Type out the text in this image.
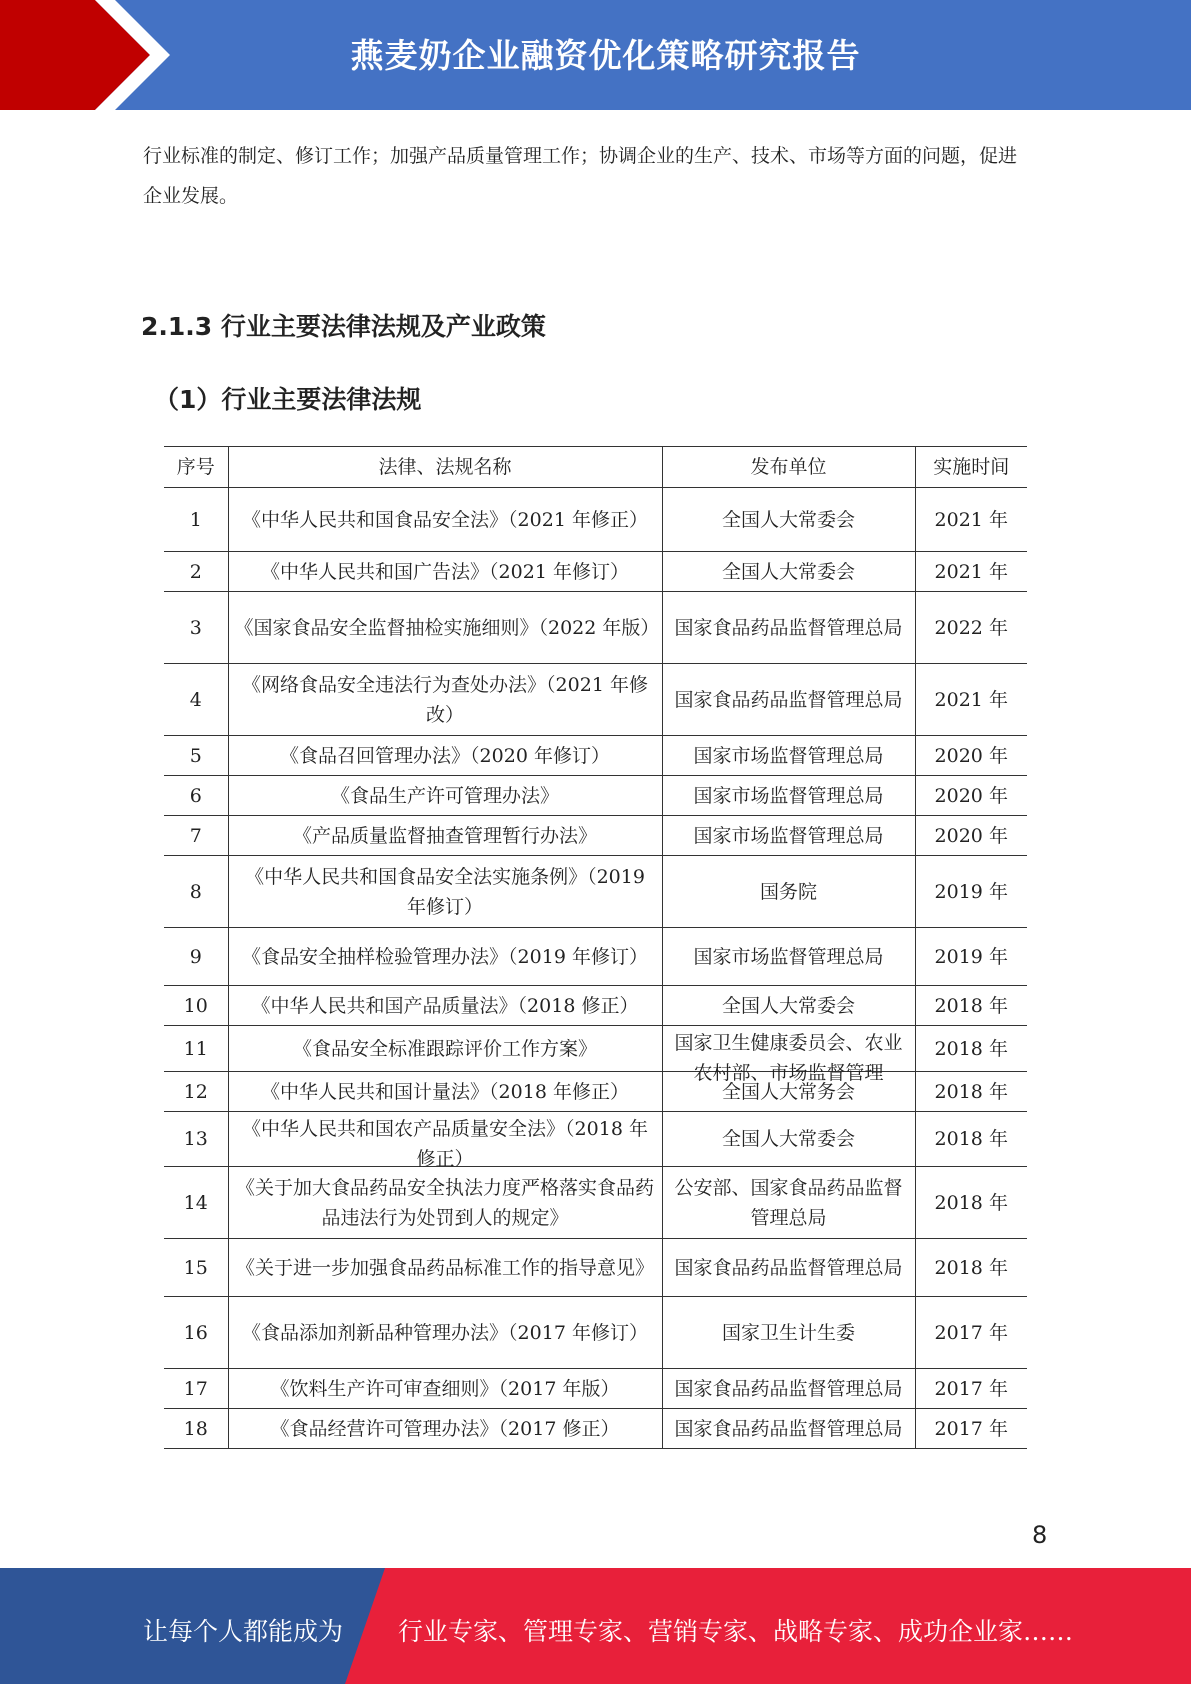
燕麦奶企业融资优化策略研究报告
行业标准的制定、修订工作；加强产品质量管理工作；协调企业的生产、技术、市场等方面的问题，促进企业发展。
2.1.3 行业主要法律法规及产业政策
（1）行业主要法律法规
序号	法律、法规名称	发布单位	实施时间

1	《中华人民共和国食品安全法》（2021 年修正）	全国人大常委会	2021 年

2	《中华人民共和国广告法》（2021 年修订）	全国人大常委会	2021 年

3	《国家食品安全监督抽检实施细则》（2022 年版）	国家食品药品监督管理总局	2022 年

4	《网络食品安全违法行为查处办法》（2021 年修改）	国家食品药品监督管理总局	2021 年

5	《食品召回管理办法》（2020 年修订）	国家市场监督管理总局	2020 年

6	《食品生产许可管理办法》	国家市场监督管理总局	2020 年

7	《产品质量监督抽查管理暂行办法》	国家市场监督管理总局	2020 年

8	《中华人民共和国食品安全法实施条例》（2019 年修订）	国务院	2019 年

9	《食品安全抽样检验管理办法》（2019 年修订）	国家市场监督管理总局	2019 年

10	《中华人民共和国产品质量法》（2018 修正）	全国人大常委会	2018 年

11	《食品安全标准跟踪评价工作方案》	国家卫生健康委员会、农业农村部、市场监督管理	2018 年

12	《中华人民共和国计量法》（2018 年修正）	全国人大常务会	2018 年

13	《中华人民共和国农产品质量安全法》（2018 年修正）	全国人大常委会	2018 年

14	《关于加大食品药品安全执法力度严格落实食品药品违法行为处罚到人的规定》	公安部、国家食品药品监督管理总局	2018 年

15	《关于进一步加强食品药品标准工作的指导意见》	国家食品药品监督管理总局	2018 年

16	《食品添加剂新品种管理办法》（2017 年修订）	国家卫生计生委	2017 年

17	《饮料生产许可审查细则》（2017 年版）	国家食品药品监督管理总局	2017 年

18	《食品经营许可管理办法》（2017 修正）	国家食品药品监督管理总局	2017 年
8
让每个人都能成为 行业专家、管理专家、营销专家、战略专家、成功企业家……
